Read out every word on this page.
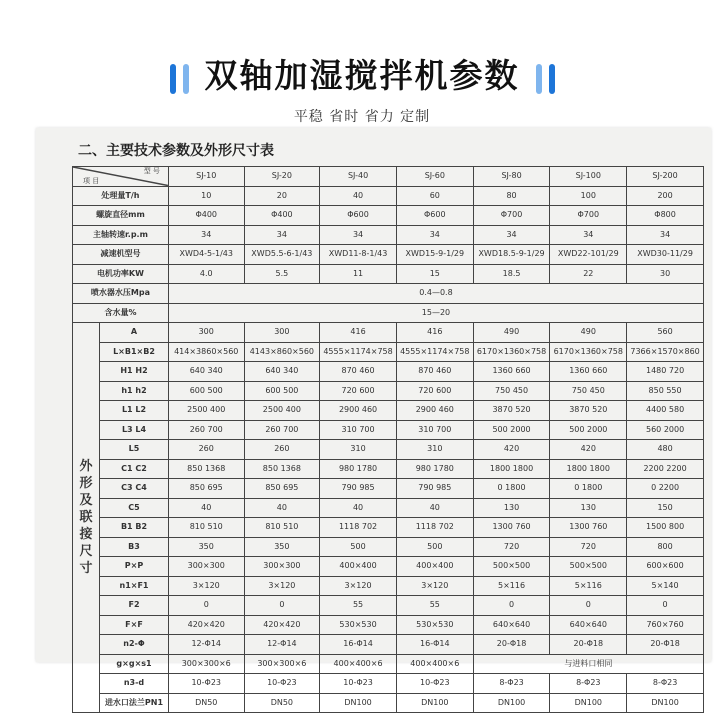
双轴加湿搅拌机参数
平稳 省时 省力 定制
二、主要技术参数及外形尺寸表
型 号
项 目		SJ-10	SJ-20	SJ-40	SJ-60	SJ-80	SJ-100	SJ-200
处理量T/h		10	20	40	60	80	100	200
螺旋直径mm		Φ400	Φ400	Φ600	Φ600	Φ700	Φ700	Φ800
主轴转速r.p.m		34	34	34	34	34	34	34
减速机型号		XWD4-5-1/43	XWD5.5-6-1/43	XWD11-8-1/43	XWD15-9-1/29	XWD18.5-9-1/29	XWD22-101/29	XWD30-11/29
电机功率KW		4.0	5.5	11	15	18.5	22	30
喷水器水压Mpa		0.4—0.8						
含水量%		15—20						
外 形 及 联 接 尺 寸	A	300	300	416	416	490	490	560
	L×B1×B2	414×3860×560	4143×860×560	4555×1174×758	4555×1174×758	6170×1360×758	6170×1360×758	7366×1570×860
	H1 H2	640 340	640 340	870 460	870 460	1360 660	1360 660	1480 720
	h1 h2	600 500	600 500	720 600	720 600	750 450	750 450	850 550
	L1 L2	2500 400	2500 400	2900 460	2900 460	3870 520	3870 520	4400 580
	L3 L4	260 700	260 700	310 700	310 700	500 2000	500 2000	560 2000
	L5	260	260	310	310	420	420	480
	C1 C2	850 1368	850 1368	980 1780	980 1780	1800 1800	1800 1800	2200 2200
	C3 C4	850 695	850 695	790 985	790 985	0 1800	0 1800	0 2200
	C5	40	40	40	40	130	130	150
	B1 B2	810 510	810 510	1118 702	1118 702	1300 760	1300 760	1500 800
	B3	350	350	500	500	720	720	800
	P×P	300×300	300×300	400×400	400×400	500×500	500×500	600×600
	n1×F1	3×120	3×120	3×120	3×120	5×116	5×116	5×140
	F2	0	0	55	55	0	0	0
	F×F	420×420	420×420	530×530	530×530	640×640	640×640	760×760
	n2-Φ	12-Φ14	12-Φ14	16-Φ14	16-Φ14	20-Φ18	20-Φ18	20-Φ18
	g×g×s1	300×300×6	300×300×6	400×400×6	400×400×6	与进料口相同		
	n3-d	10-Φ23	10-Φ23	10-Φ23	10-Φ23	8-Φ23	8-Φ23	8-Φ23
	进水口法兰PN1	DN50	DN50	DN100	DN100	DN100	DN100	DN100
